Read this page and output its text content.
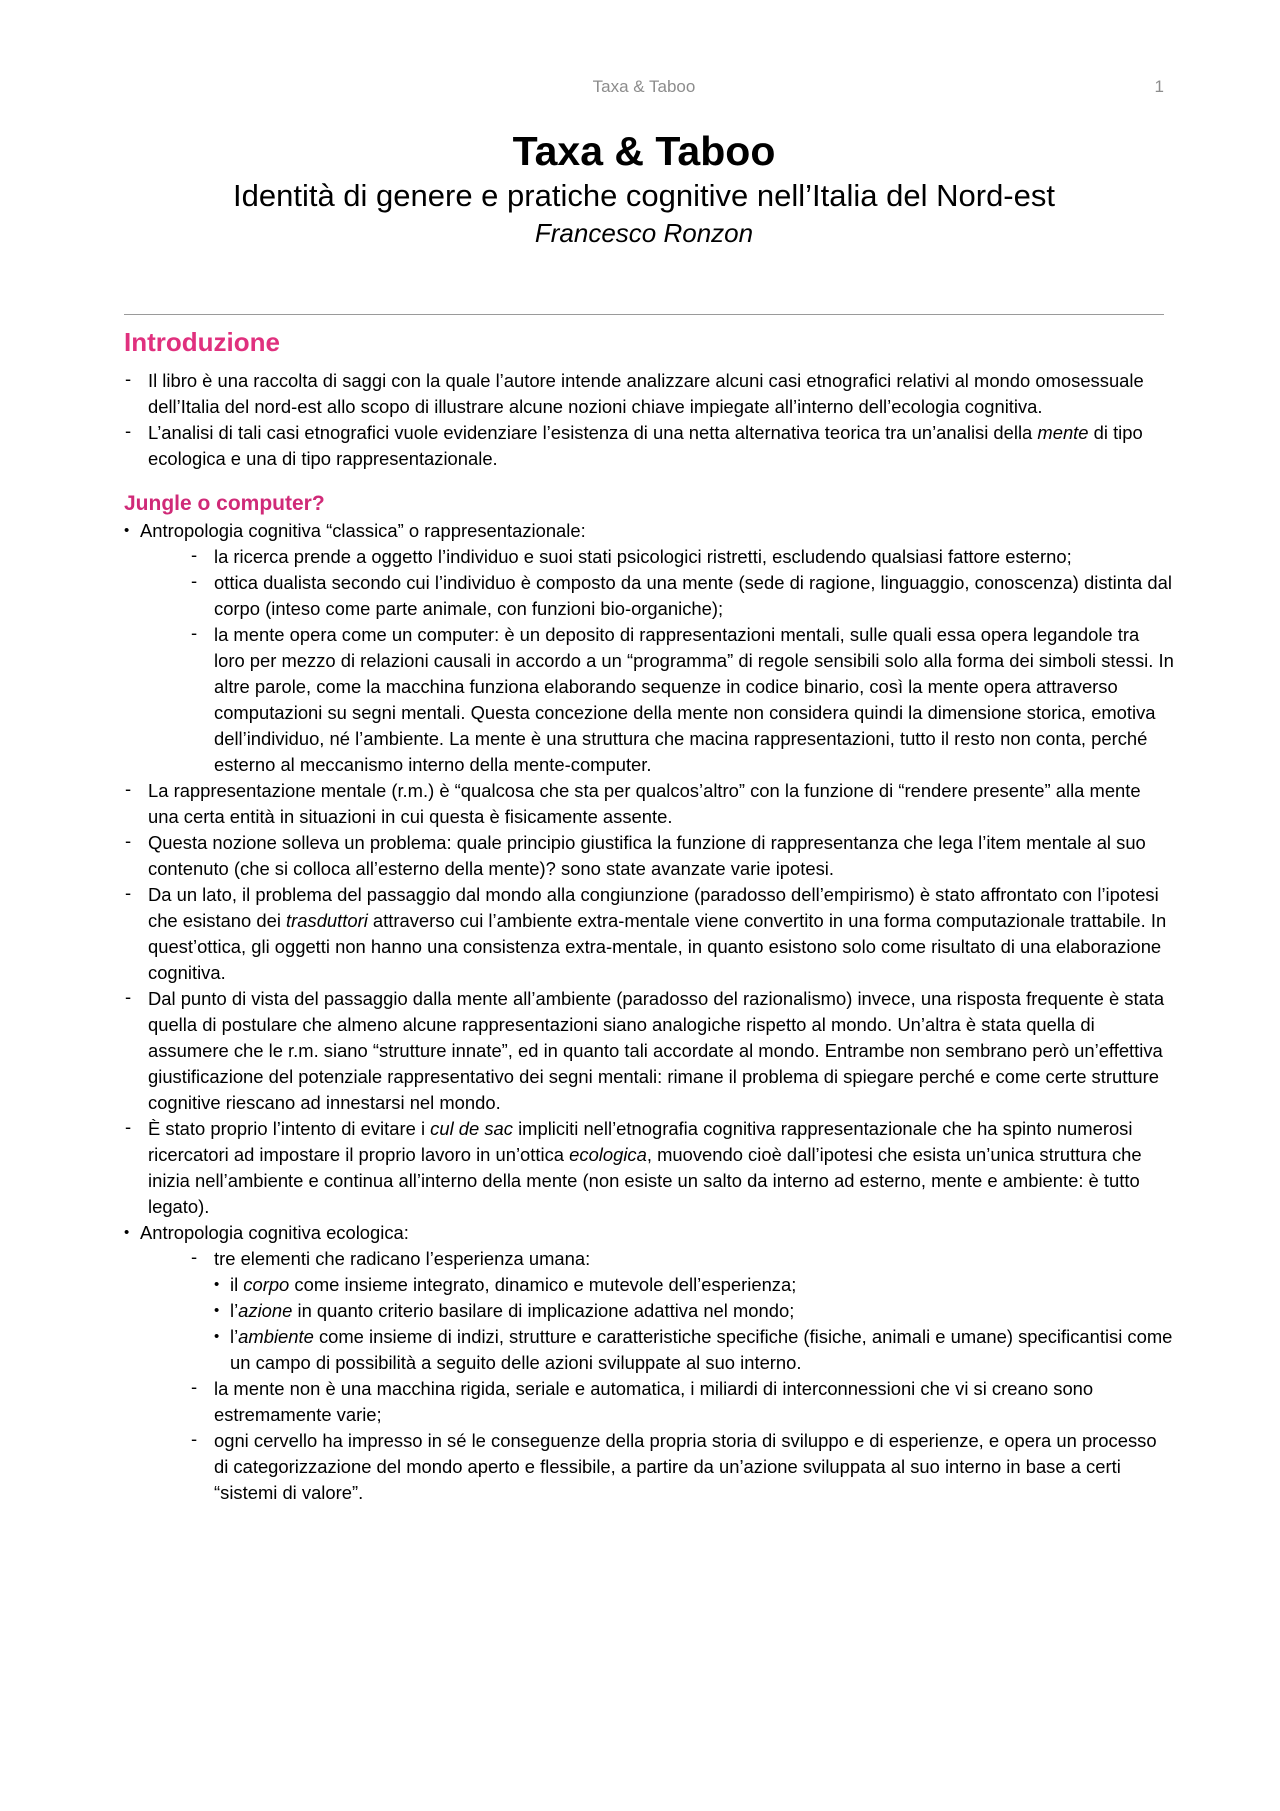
Taxa & Taboo	1
Taxa & Taboo
Identità di genere e pratiche cognitive nell’Italia del Nord-est
Francesco Ronzon
Introduzione
- Il libro è una raccolta di saggi con la quale l’autore intende analizzare alcuni casi etnografici relativi al mondo omosessuale dell’Italia del nord-est allo scopo di illustrare alcune nozioni chiave impiegate all’interno dell’ecologia cognitiva.
- L’analisi di tali casi etnografici vuole evidenziare l’esistenza di una netta alternativa teorica tra un’analisi della mente di tipo ecologica e una di tipo rappresentazionale.
Jungle o computer?
• Antropologia cognitiva “classica” o rappresentazionale:
- la ricerca prende a oggetto l’individuo e suoi stati psicologici ristretti, escludendo qualsiasi fattore esterno;
- ottica dualista secondo cui l’individuo è composto da una mente (sede di ragione, linguaggio, conoscenza) distinta dal corpo (inteso come parte animale, con funzioni bio-organiche);
- la mente opera come un computer: è un deposito di rappresentazioni mentali, sulle quali essa opera legandole tra loro per mezzo di relazioni causali in accordo a un “programma” di regole sensibili solo alla forma dei simboli stessi. In altre parole, come la macchina funziona elaborando sequenze in codice binario, così la mente opera attraverso computazioni su segni mentali. Questa concezione della mente non considera quindi la dimensione storica, emotiva dell’individuo, né l’ambiente. La mente è una struttura che macina rappresentazioni, tutto il resto non conta, perché esterno al meccanismo interno della mente-computer.
- La rappresentazione mentale (r.m.) è “qualcosa che sta per qualcos’altro” con la funzione di “rendere presente” alla mente una certa entità in situazioni in cui questa è fisicamente assente.
- Questa nozione solleva un problema: quale principio giustifica la funzione di rappresentanza che lega l’item mentale al suo contenuto (che si colloca all’esterno della mente)? sono state avanzate varie ipotesi.
- Da un lato, il problema del passaggio dal mondo alla congiunzione (paradosso dell’empirismo) è stato affrontato con l’ipotesi che esistano dei trasduttori attraverso cui l’ambiente extra-mentale viene convertito in una forma computazionale trattabile. In quest’ottica, gli oggetti non hanno una consistenza extra-mentale, in quanto esistono solo come risultato di una elaborazione cognitiva.
- Dal punto di vista del passaggio dalla mente all’ambiente (paradosso del razionalismo) invece, una risposta frequente è stata quella di postulare che almeno alcune rappresentazioni siano analogiche rispetto al mondo. Un’altra è stata quella di assumere che le r.m. siano “strutture innate”, ed in quanto tali accordate al mondo. Entrambe non sembrano però un’effettiva giustificazione del potenziale rappresentativo dei segni mentali: rimane il problema di spiegare perché e come certe strutture cognitive riescano ad innestarsi nel mondo.
- È stato proprio l’intento di evitare i cul de sac impliciti nell’etnografia cognitiva rappresentazionale che ha spinto numerosi ricercatori ad impostare il proprio lavoro in un’ottica ecologica, muovendo cioè dall’ipotesi che esista un’unica struttura che inizia nell’ambiente e continua all’interno della mente (non esiste un salto da interno ad esterno, mente e ambiente: è tutto legato).
• Antropologia cognitiva ecologica:
- tre elementi che radicano l’esperienza umana:
• il corpo come insieme integrato, dinamico e mutevole dell’esperienza;
• l’azione in quanto criterio basilare di implicazione adattiva nel mondo;
• l’ambiente come insieme di indizi, strutture e caratteristiche specifiche (fisiche, animali e umane) specificantisi come un campo di possibilità a seguito delle azioni sviluppate al suo interno.
- la mente non è una macchina rigida, seriale e automatica, i miliardi di interconnessioni che vi si creano sono estremamente varie;
- ogni cervello ha impresso in sé le conseguenze della propria storia di sviluppo e di esperienze, e opera un processo di categorizzazione del mondo aperto e flessibile, a partire da un’azione sviluppata al suo interno in base a certi “sistemi di valore”.
